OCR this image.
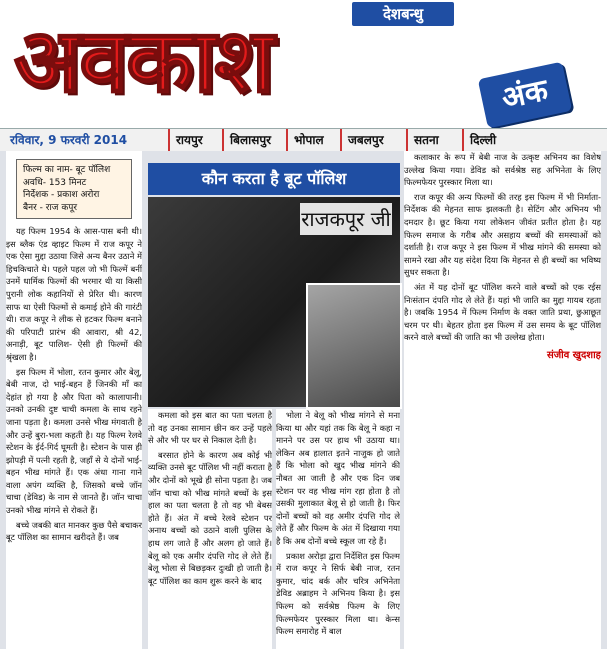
देशबन्धु
अवकाश	अंक
रविवार, 9 फरवरी 2014	रायपुर	बिलासपुर	भोपाल	जबलपुर	सतना	दिल्ली
फिल्म का नाम- बूट पॉलिश
अवधि- 153 मिनट
निर्देशक - प्रकाश अरोरा
बैनर - राज कपूर

यह फिल्म 1954 के आस-पास बनी थी। इस ब्लैक एंड व्हाइट फिल्म में राज कपूर ने एक ऐसा मुद्दा उठाया जिसे अन्य बैनर उठाने में हिचकिचाते थे। पहले पहल जो भी फिल्में बनीं उनमें धार्मिक फिल्मों की भरमार थी या किसी पुरानी लोक कहानियों से प्रेरित थी। कारण साफ था ऐसी फिल्मों से कमाई होने की गारंटी थी। राज कपूर ने लीक से हटकर फिल्म बनाने की परिपाटी प्रारंभ की आवारा, श्री 42, अनाड़ी, बूट पालिश- ऐसी ही फिल्मों की श्रृंखला है।

इस फिल्म में भोला, रतन कुमार और बेलू, बेबी नाज, दो भाई-बहन हैं जिनकी माँ का देहांत हो गया है और पिता को कालापानी। उनको उनकी दुष्ट चाची कमला के साथ रहने जाना पड़ता है। कमला उनसे भीख मंगवाती है और उन्हें बुरा-भला कहती है। यह फिल्म रेलवे स्टेशन के ईर्द-गिर्द घूमती है। स्टेशन के पास ही झोपड़ी में पत्नी रहती है, जहाँ से ये दोनों भाई-बहन भीख मांगते हैं। एक अंधा गाना गाने वाला अपंग व्यक्ति है, जिसको बच्चे जॉन चाचा (डेविड) के नाम से जानते हैं। जॉन चाचा उनको भीख मांगने से रोकते हैं।

बच्चे जबकी बात मानकर कुछ पैसे बचाकर बूट पॉलिश का सामान खरीदते हैं। जब

कौन करता है बूट पॉलिश
राजकपूर जी

कमला को इस बात का पता चलता है तो वह उनका सामान छीन कर उन्हें पहले से और भी पर घर से निकाल देती है।

बरसात होने के कारण अब कोई भी व्यक्ति उनसे बूट पॉलिश भी नहीं कराता है और दोनों को भूखे ही सोना पड़ता है। जब जॉन चाचा को भीख मांगते बच्चों के इस हाल का पता चलता है तो वह भी बेबस होते हैं। अंत में बच्चे रेलवे स्टेशन पर अनाथ बच्चों को उठाने वाली पुलिस के हाथ लग जाते हैं और अलग हो जाते हैं। बेलू को एक अमीर दंपत्ति गोद ले लेते हैं। बेलू भोला से बिछड़कर दुःखी हो जाती है। बूट पॉलिश का काम शुरू करने के बाद

भोला ने बेलू को भीख मांगने से मना किया था और यहां तक कि बेलू ने कहा न मानने पर उस पर हाथ भी उठाया था। लेकिन अब हालात इतने नाजुक हो जाते हैं कि भोला को खुद भीख मांगने की नौबत आ जाती है और एक दिन जब स्टेशन पर वह भीख मांग रहा होता है तो उसकी मुलाकात बेलू से हो जाती है। फिर दोनों बच्चों को वह अमीर दंपत्ति गोद ले लेते हैं और फिल्म के अंत में दिखाया गया है कि अब दोनों बच्चे स्कूल जा रहे हैं।

प्रकाश अरोड़ा द्वारा निर्देशित इस फिल्म में राज कपूर ने सिर्फ बेबी नाज, रतन कुमार, चांद बर्क और चरित्र अभिनेता डेविड अब्राहम ने अभिनय किया है। इस फिल्म को सर्वश्रेष्ठ फिल्म के लिए फिल्मफेयर पुरस्कार मिला था। केन्स फिल्म समारोह में बाल

कलाकार के रूप में बेबी नाज के उत्कृष्ट अभिनय का विशेष उल्लेख किया गया। डेविड को सर्वश्रेष्ठ सह अभिनेता के लिए फिल्मफेयर पुरस्कार मिला था।

राज कपूर की अन्य फिल्मों की तरह इस फिल्म में भी निर्माता-निर्देशक की मेहनत साफ झलकती है। सेटिंग और अभिनय भी दमदार है। छूट किया गया लोकेशन जीवंत प्रतीत होता है। यह फिल्म समाज के गरीब और असहाय बच्चों की समस्याओं को दर्शाती है। राज कपूर ने इस फिल्म में भीख मांगने की समस्या को सामने रखा और यह संदेश दिया कि मेहनत से ही बच्चों का भविष्य सुधर सकता है।

अंत में यह दोनों बूट पॉलिश करने वाले बच्चों को एक रईस निःसंतान दंपति गोद ले लेते हैं। यहां भी जाति का मुद्दा गायब रहता है। जबकि 1954 में फिल्म निर्माण के वक्त जाति प्रथा, छुआछूत चरम पर थी। बेहतर होता इस फिल्म में उस समय के बूट पॉलिश करने वाले बच्चों की जाति का भी उल्लेख होता।

संजीव खुदशाह
